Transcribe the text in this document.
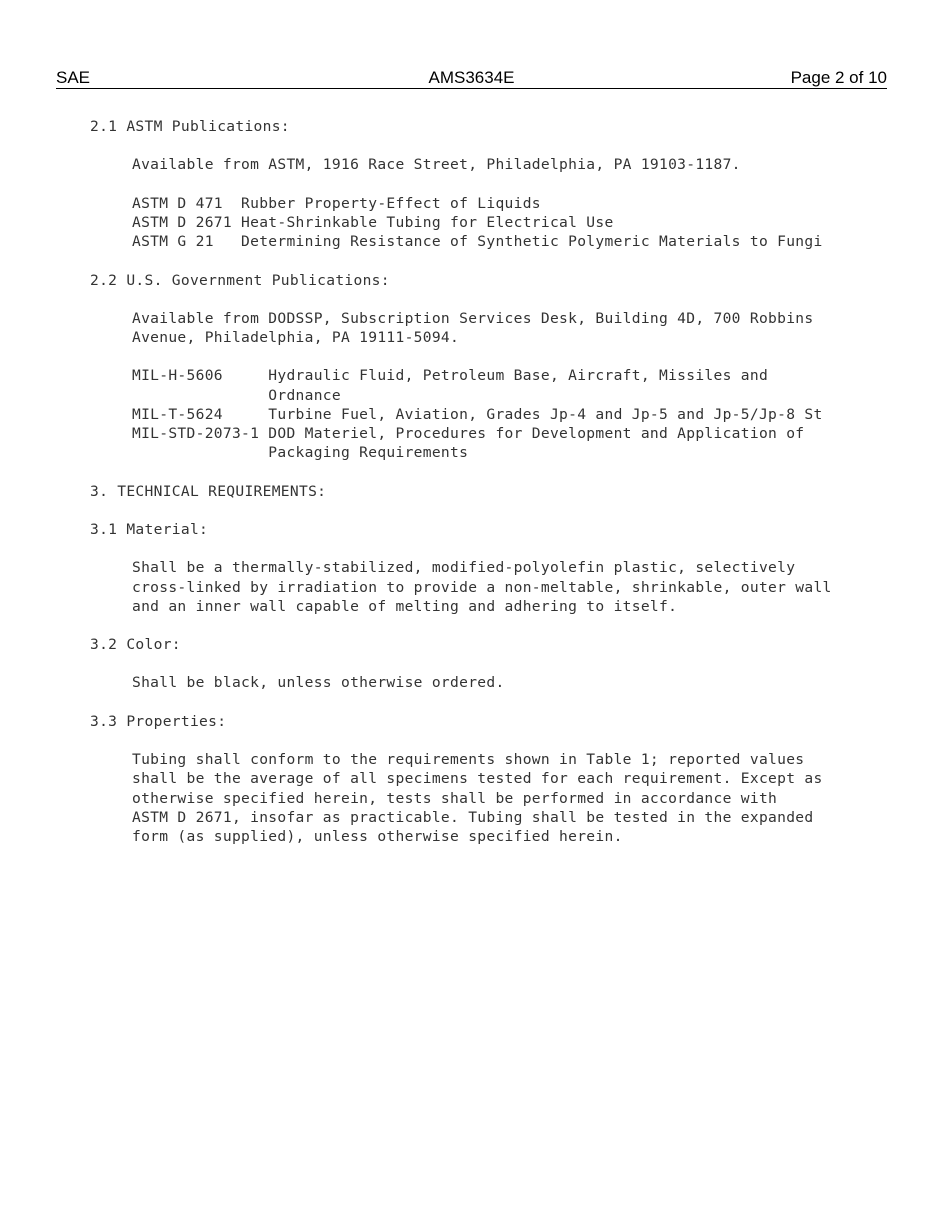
SAE	AMS3634E	Page 2 of 10
2.1 ASTM Publications:
Available from ASTM, 1916 Race Street, Philadelphia, PA 19103-1187.
ASTM D 471  Rubber Property-Effect of Liquids
ASTM D 2671 Heat-Shrinkable Tubing for Electrical Use
ASTM G 21   Determining Resistance of Synthetic Polymeric Materials to Fungi
2.2 U.S. Government Publications:
Available from DODSSP, Subscription Services Desk, Building 4D, 700 Robbins
Avenue, Philadelphia, PA 19111-5094.
MIL-H-5606     Hydraulic Fluid, Petroleum Base, Aircraft, Missiles and
Ordnance
MIL-T-5624     Turbine Fuel, Aviation, Grades Jp-4 and Jp-5 and Jp-5/Jp-8 St
MIL-STD-2073-1 DOD Materiel, Procedures for Development and Application of
Packaging Requirements
3. TECHNICAL REQUIREMENTS:
3.1 Material:
Shall be a thermally-stabilized, modified-polyolefin plastic, selectively
cross-linked by irradiation to provide a non-meltable, shrinkable, outer wall
and an inner wall capable of melting and adhering to itself.
3.2 Color:
Shall be black, unless otherwise ordered.
3.3 Properties:
Tubing shall conform to the requirements shown in Table 1; reported values
shall be the average of all specimens tested for each requirement. Except as
otherwise specified herein, tests shall be performed in accordance with
ASTM D 2671, insofar as practicable. Tubing shall be tested in the expanded
form (as supplied), unless otherwise specified herein.
